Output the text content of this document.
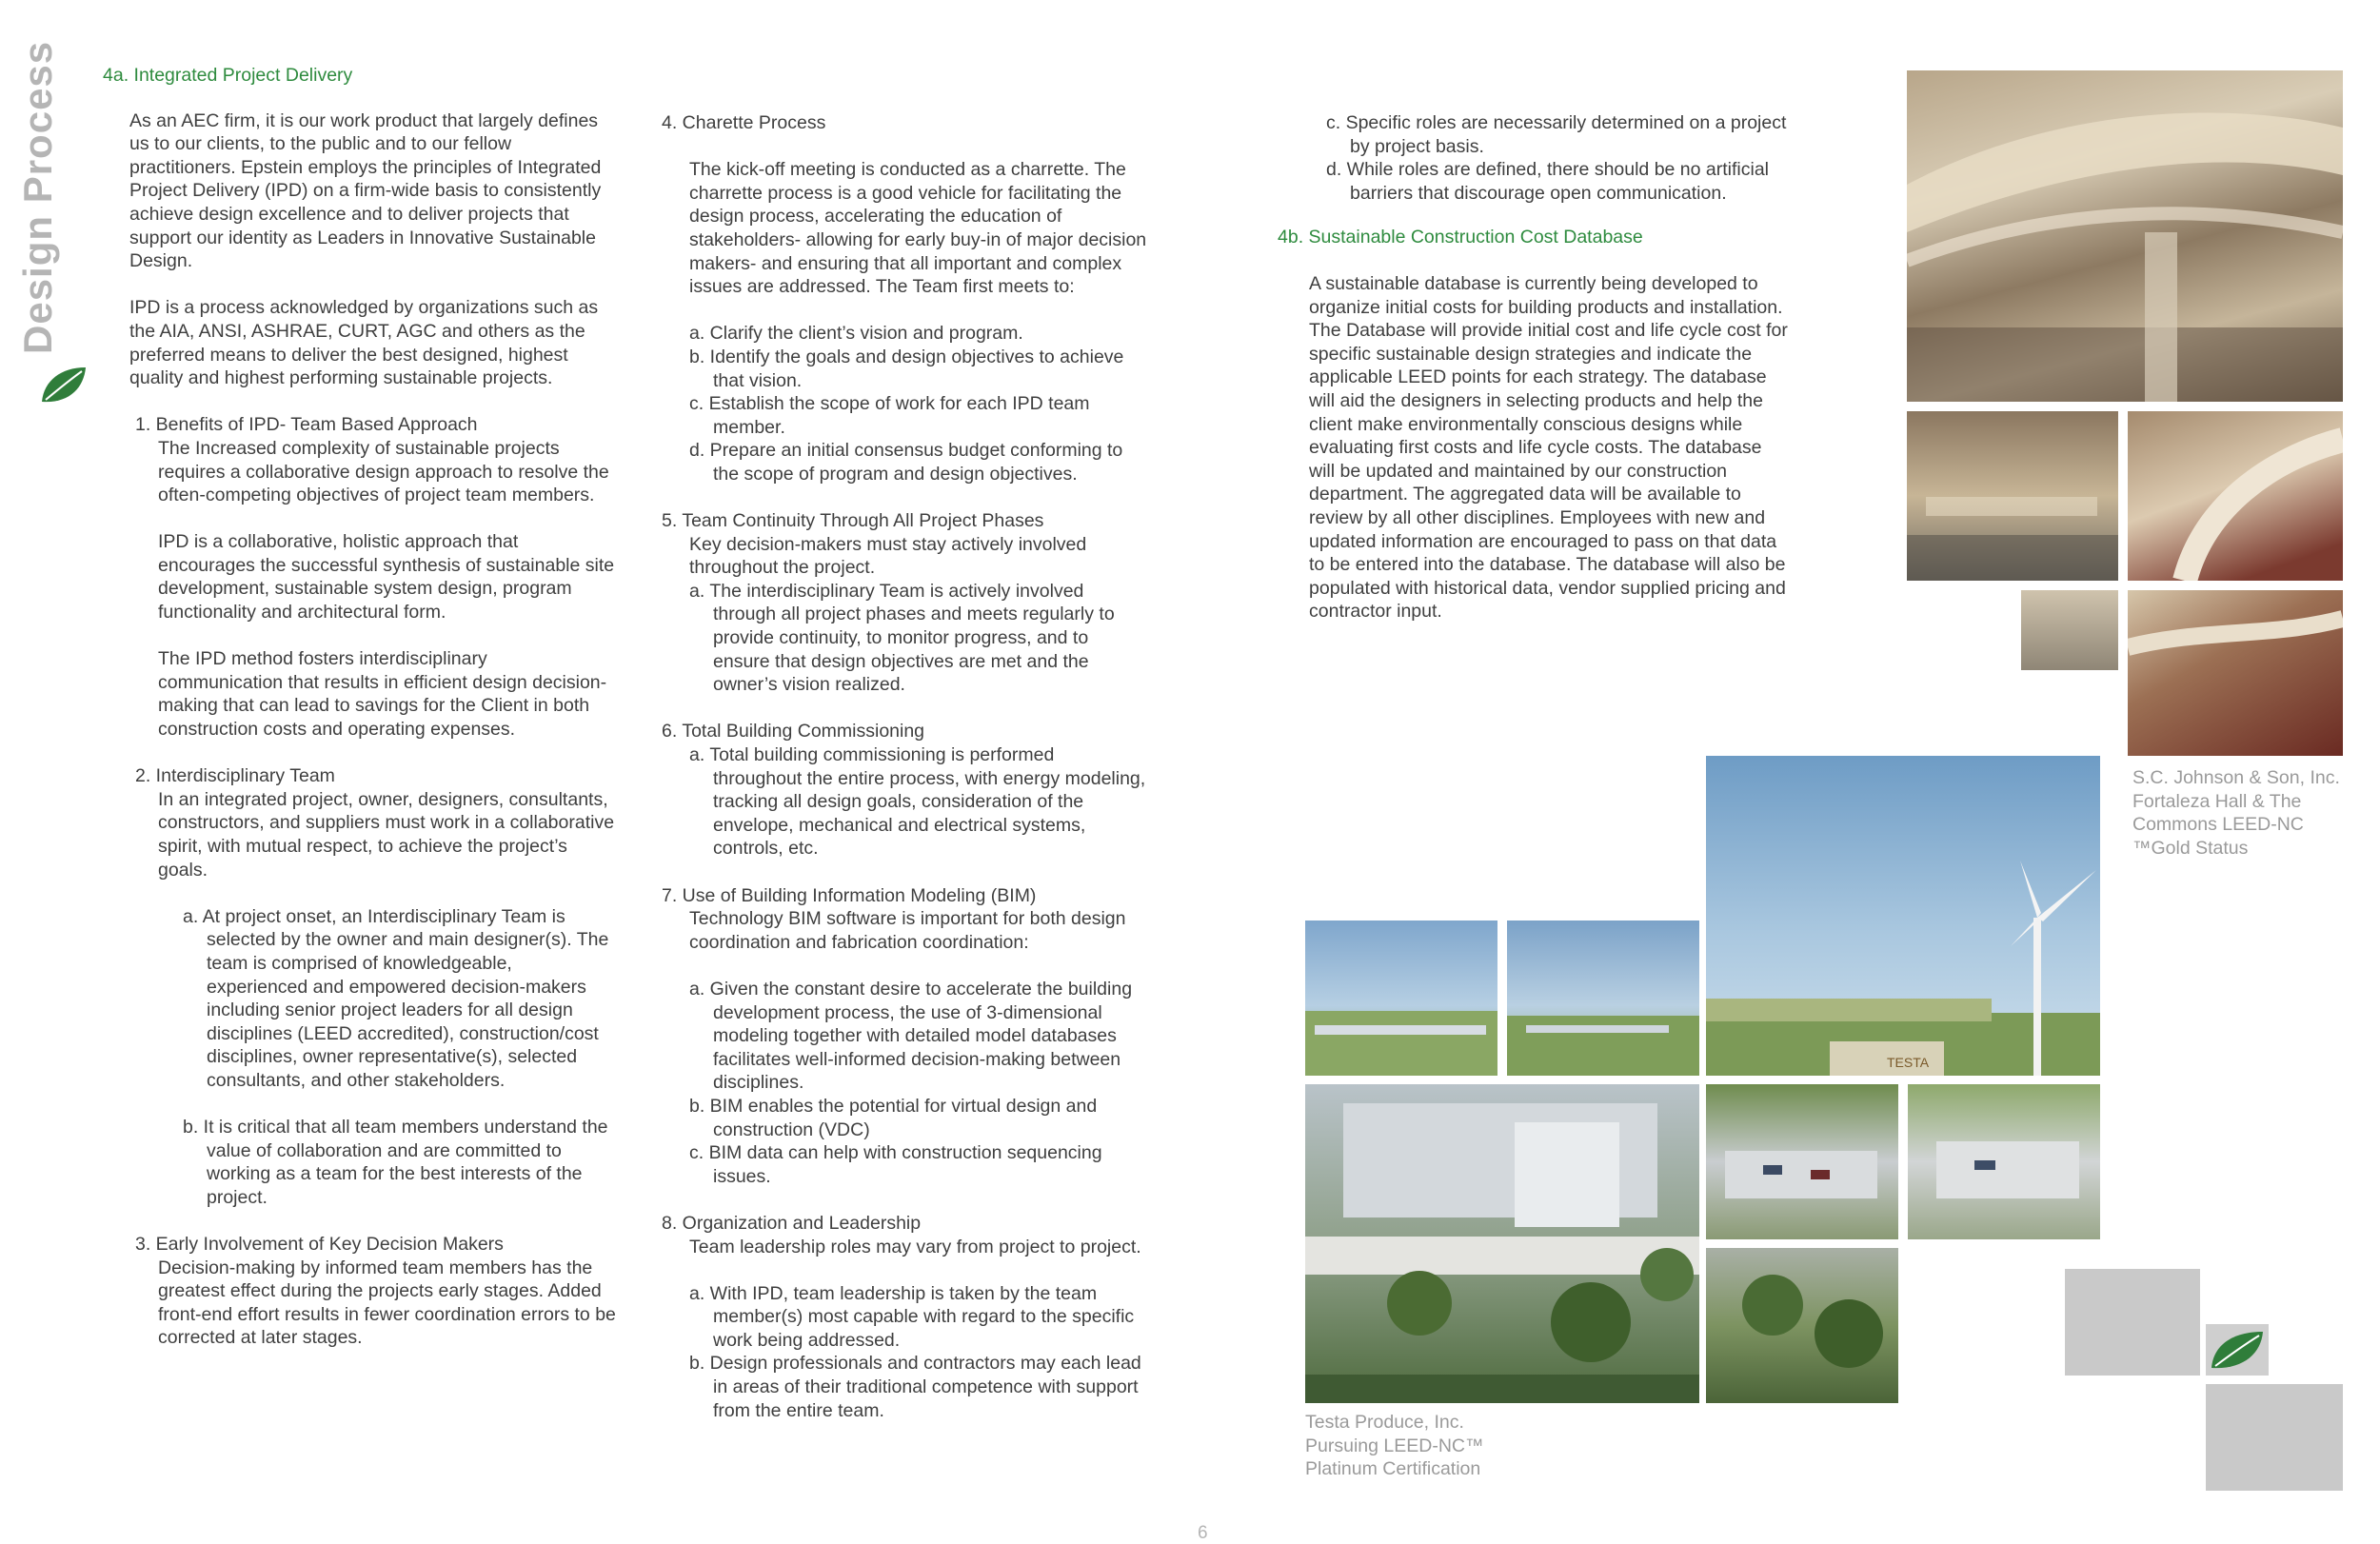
Design Process 4a. Integrated Project Delivery

As an AEC firm, it is our work product that largely defines us to our clients, to the public and to our fellow practitioners. Epstein employs the principles of Integrated Project Delivery (IPD) on a firm-wide basis to consistently achieve design excellence and to deliver projects that support our identity as Leaders in Innovative Sustainable Design.

IPD is a process acknowledged by organizations such as the AIA, ANSI, ASHRAE, CURT, AGC and others as the preferred means to deliver the best designed, highest quality and highest performing sustainable projects.

1. Benefits of IPD- Team Based Approach

The Increased complexity of sustainable projects requires a collaborative design approach to resolve the often-competing objectives of project team members.

IPD is a collaborative, holistic approach that encourages the successful synthesis of sustainable site development, sustainable system design, program functionality and architectural form.

The IPD method fosters interdisciplinary communication that results in efficient design decision-making that can lead to savings for the Client in both construction costs and operating expenses.

2. Interdisciplinary Team

In an integrated project, owner, designers, consultants, constructors, and suppliers must work in a collaborative spirit, with mutual respect, to achieve the project’s goals.

a. At project onset, an Interdisciplinary Team is selected by the owner and main designer(s). The team is comprised of knowledgeable, experienced and empowered decision-makers including senior project leaders for all design disciplines (LEED accredited), construction/cost disciplines, owner representative(s), selected consultants, and other stakeholders.

b. It is critical that all team members understand the value of collaboration and are committed to working as a team for the best interests of the project.

3. Early Involvement of Key Decision Makers

Decision-making by informed team members has the greatest effect during the projects early stages. Added front-end effort results in fewer coordination errors to be corrected at later stages.

4. Charette Process

The kick-off meeting is conducted as a charrette. The charrette process is a good vehicle for facilitating the design process, accelerating the education of stakeholders- allowing for early buy-in of major decision makers- and ensuring that all important and complex issues are addressed. The Team first meets to:

a. Clarify the client’s vision and program.

b. Identify the goals and design objectives to achieve that vision.

c. Establish the scope of work for each IPD team member.

d. Prepare an initial consensus budget conforming to the scope of program and design objectives.

5. Team Continuity Through All Project Phases

Key decision-makers must stay actively involved throughout the project.

a. The interdisciplinary Team is actively involved through all project phases and meets regularly to provide continuity, to monitor progress, and to ensure that design objectives are met and the owner’s vision realized.

6. Total Building Commissioning

a. Total building commissioning is performed throughout the entire process, with energy modeling, tracking all design goals, consideration of the envelope, mechanical and electrical systems, controls, etc.

7. Use of Building Information Modeling (BIM)

Technology BIM software is important for both design coordination and fabrication coordination:

a. Given the constant desire to accelerate the building development process, the use of 3-dimensional modeling together with detailed model databases facilitates well-informed decision-making between disciplines.

b. BIM enables the potential for virtual design and construction (VDC)

c. BIM data can help with construction sequencing issues.

8. Organization and Leadership

Team leadership roles may vary from project to project.

a. With IPD, team leadership is taken by the team member(s) most capable with regard to the specific work being addressed.

b. Design professionals and contractors may each lead in areas of their traditional competence with support from the entire team.

c. Specific roles are necessarily determined on a project by project basis.

d. While roles are defined, there should be no artificial barriers that discourage open communication.

4b. Sustainable Construction Cost Database

A sustainable database is currently being developed to organize initial costs for building products and installation. The Database will provide initial cost and life cycle cost for specific sustainable design strategies and indicate the applicable LEED points for each strategy. The database will aid the designers in selecting products and help the client make environmentally conscious designs while evaluating first costs and life cycle costs. The database will be updated and maintained by our construction department. The aggregated data will be available to review by all other disciplines. Employees with new and updated information are encouraged to pass on that data to be entered into the database. The database will also be populated with historical data, vendor supplied pricing and contractor input.

S.C. Johnson & Son, Inc. Fortaleza Hall & The Commons LEED-NC ™Gold Status
TESTA
Testa Produce, Inc. Pursuing LEED-NC™ Platinum Certification
6
